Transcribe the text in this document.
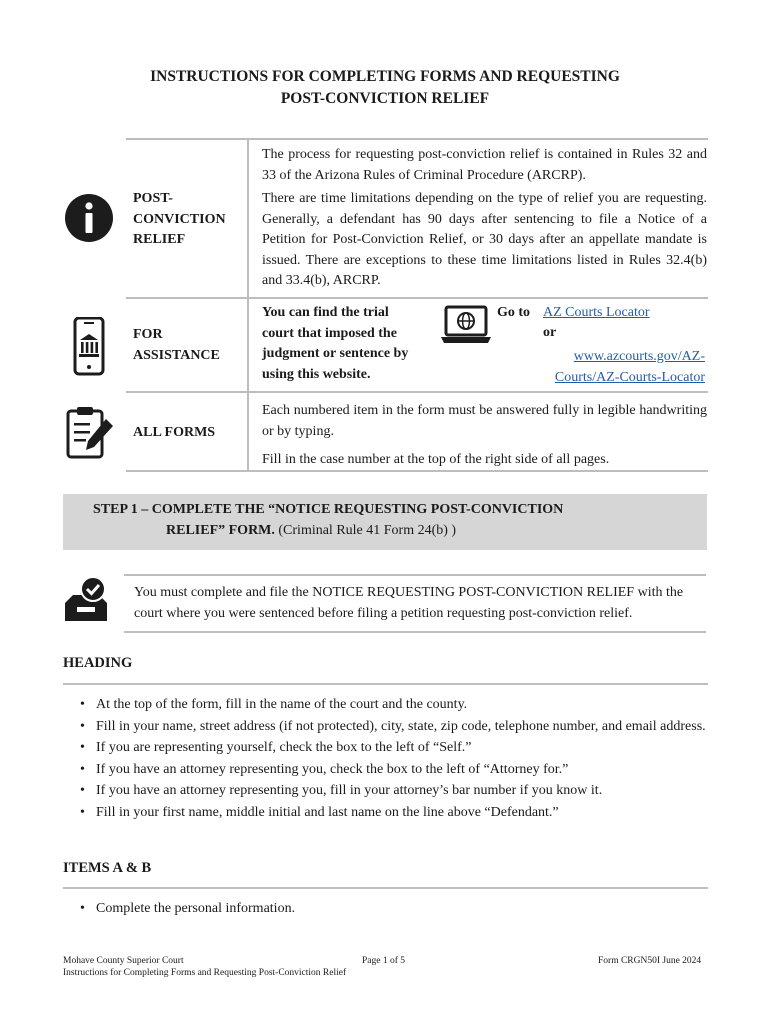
INSTRUCTIONS FOR COMPLETING FORMS AND REQUESTING
POST-CONVICTION RELIEF
POST-
CONVICTION
RELIEF
The process for requesting post-conviction relief is contained in Rules 32 and 33 of the Arizona Rules of Criminal Procedure (ARCRP).
There are time limitations depending on the type of relief you are requesting. Generally, a defendant has 90 days after sentencing to file a Notice of a Petition for Post-Conviction Relief, or 30 days after an appellate mandate is issued. There are exceptions to these time limitations listed in Rules 32.4(b) and 33.4(b), ARCRP.
FOR
ASSISTANCE
You can find the trial court that imposed the judgment or sentence by using this website.
Go to AZ Courts Locator
or
www.azcourts.gov/AZ-Courts/AZ-Courts-Locator
ALL FORMS
Each numbered item in the form must be answered fully in legible handwriting or by typing.
Fill in the case number at the top of the right side of all pages.
STEP 1 – COMPLETE THE “NOTICE REQUESTING POST-CONVICTION
RELIEF” FORM. (Criminal Rule 41 Form 24(b) )
You must complete and file the NOTICE REQUESTING POST-CONVICTION RELIEF with the court where you were sentenced before filing a petition requesting post-conviction relief.
HEADING
• At the top of the form, fill in the name of the court and the county.
• Fill in your name, street address (if not protected), city, state, zip code, telephone number, and email address.
• If you are representing yourself, check the box to the left of “Self.”
• If you have an attorney representing you, check the box to the left of “Attorney for.”
• If you have an attorney representing you, fill in your attorney’s bar number if you know it.
• Fill in your first name, middle initial and last name on the line above “Defendant.”
ITEMS A & B
• Complete the personal information.
Mohave County Superior Court
Instructions for Completing Forms and Requesting Post-Conviction Relief
Page 1 of 5	Form CRGN50I June 2024
